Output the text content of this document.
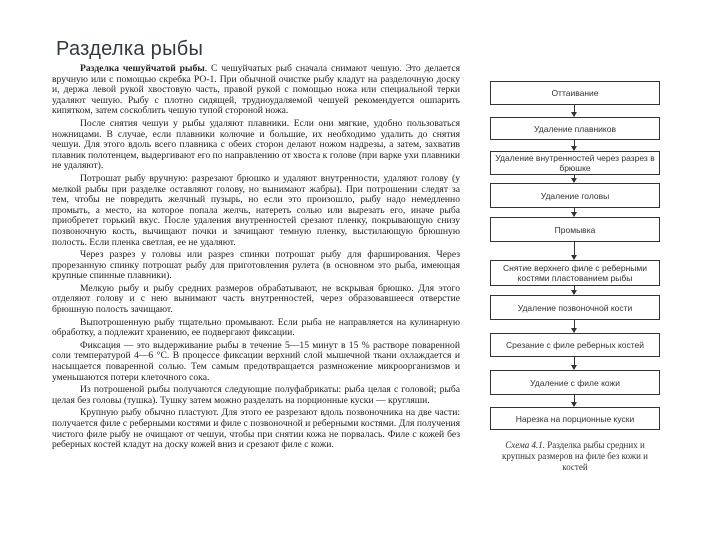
Разделка рыбы

Разделка чешуйчатой рыбы. С чешуйчатых рыб сначала снимают чешую. Это делается вручную или с помощью скребка РО-1. При обычной очистке рыбу кладут на разделочную доску и, держа левой рукой хвостовую часть, правой рукой с помощью ножа или специальной терки удаляют чешую. Рыбу с плотно сидящей, трудноудаляемой чешуей рекомендуется ошпарить кипятком, затем соскоблить чешую тупой стороной ножа.

После снятия чешуи у рыбы удаляют плавники. Если они мягкие, удобно пользоваться ножницами. В случае, если плавники колючие и большие, их необходимо удалить до снятия чешуи. Для этого вдоль всего плавника с обеих сторон делают ножом надрезы, а затем, захватив плавник полотенцем, выдергивают его по направлению от хвоста к голове (при варке ухи плавники не удаляют).

Потрошат рыбу вручную: разрезают брюшко и удаляют внутренности, удаляют голову (у мелкой рыбы при разделке оставляют голову, но вынимают жабры). При потрошении следят за тем, чтобы не повредить желчный пузырь, но если это произошло, рыбу надо немедленно промыть, а место, на которое попала желчь, натереть солью или вырезать его, иначе рыба приобретет горький вкус. После удаления внутренностей срезают пленку, покрывающую снизу позвоночную кость, вычищают почки и зачищают темную пленку, выстилающую брюшную полость. Если пленка светлая, ее не удаляют.

Через разрез у головы или разрез спинки потрошат рыбу для фарширования. Через прорезанную спинку потрошат рыбу для приготовления рулета (в основном это рыба, имеющая крупные спинные плавники).

Мелкую рыбу и рыбу средних размеров обрабатывают, не вскрывая брюшко. Для этого отделяют голову и с нею вынимают часть внутренностей, через образовавшееся отверстие брюшную полость зачищают.

Выпотрошенную рыбу тщательно промывают. Если рыба не направляется на кулинарную обработку, а подлежит хранению, ее подвергают фиксации.

Фиксация — это выдерживание рыбы в течение 5—15 минут в 15 % растворе поваренной соли температурой 4—6 °С. В процессе фиксации верхний слой мышечной ткани охлаждается и насыщается поваренной солью. Тем самым предотвращается размножение микроорганизмов и уменьшаются потери клеточного сока.

Из потрошеной рыбы получаются следующие полуфабрикаты: рыба целая с головой; рыба целая без головы (тушка). Тушку затем можно разделать на порционные куски — кругляши.

Крупную рыбу обычно пластуют. Для этого ее разрезают вдоль позвоночника на две части: получается филе с реберными костями и филе с позвоночной и реберными костями. Для получения чистого филе рыбу не очищают от чешуи, чтобы при снятии кожа не порвалась. Филе с кожей без реберных костей кладут на доску кожей вниз и срезают филе с кожи.

Оттаивание
Удаление плавников
Удаление внутренностей через разрез в брюшке
Удаление головы
Промывка
Снятие верхнего филе с реберными костями пластованием рыбы
Удаление позвоночной кости
Срезание с филе реберных костей
Удаление с филе кожи
Нарезка на порционные куски
Схема 4.1. Разделка рыбы средних и крупных размеров на филе без кожи и костей
